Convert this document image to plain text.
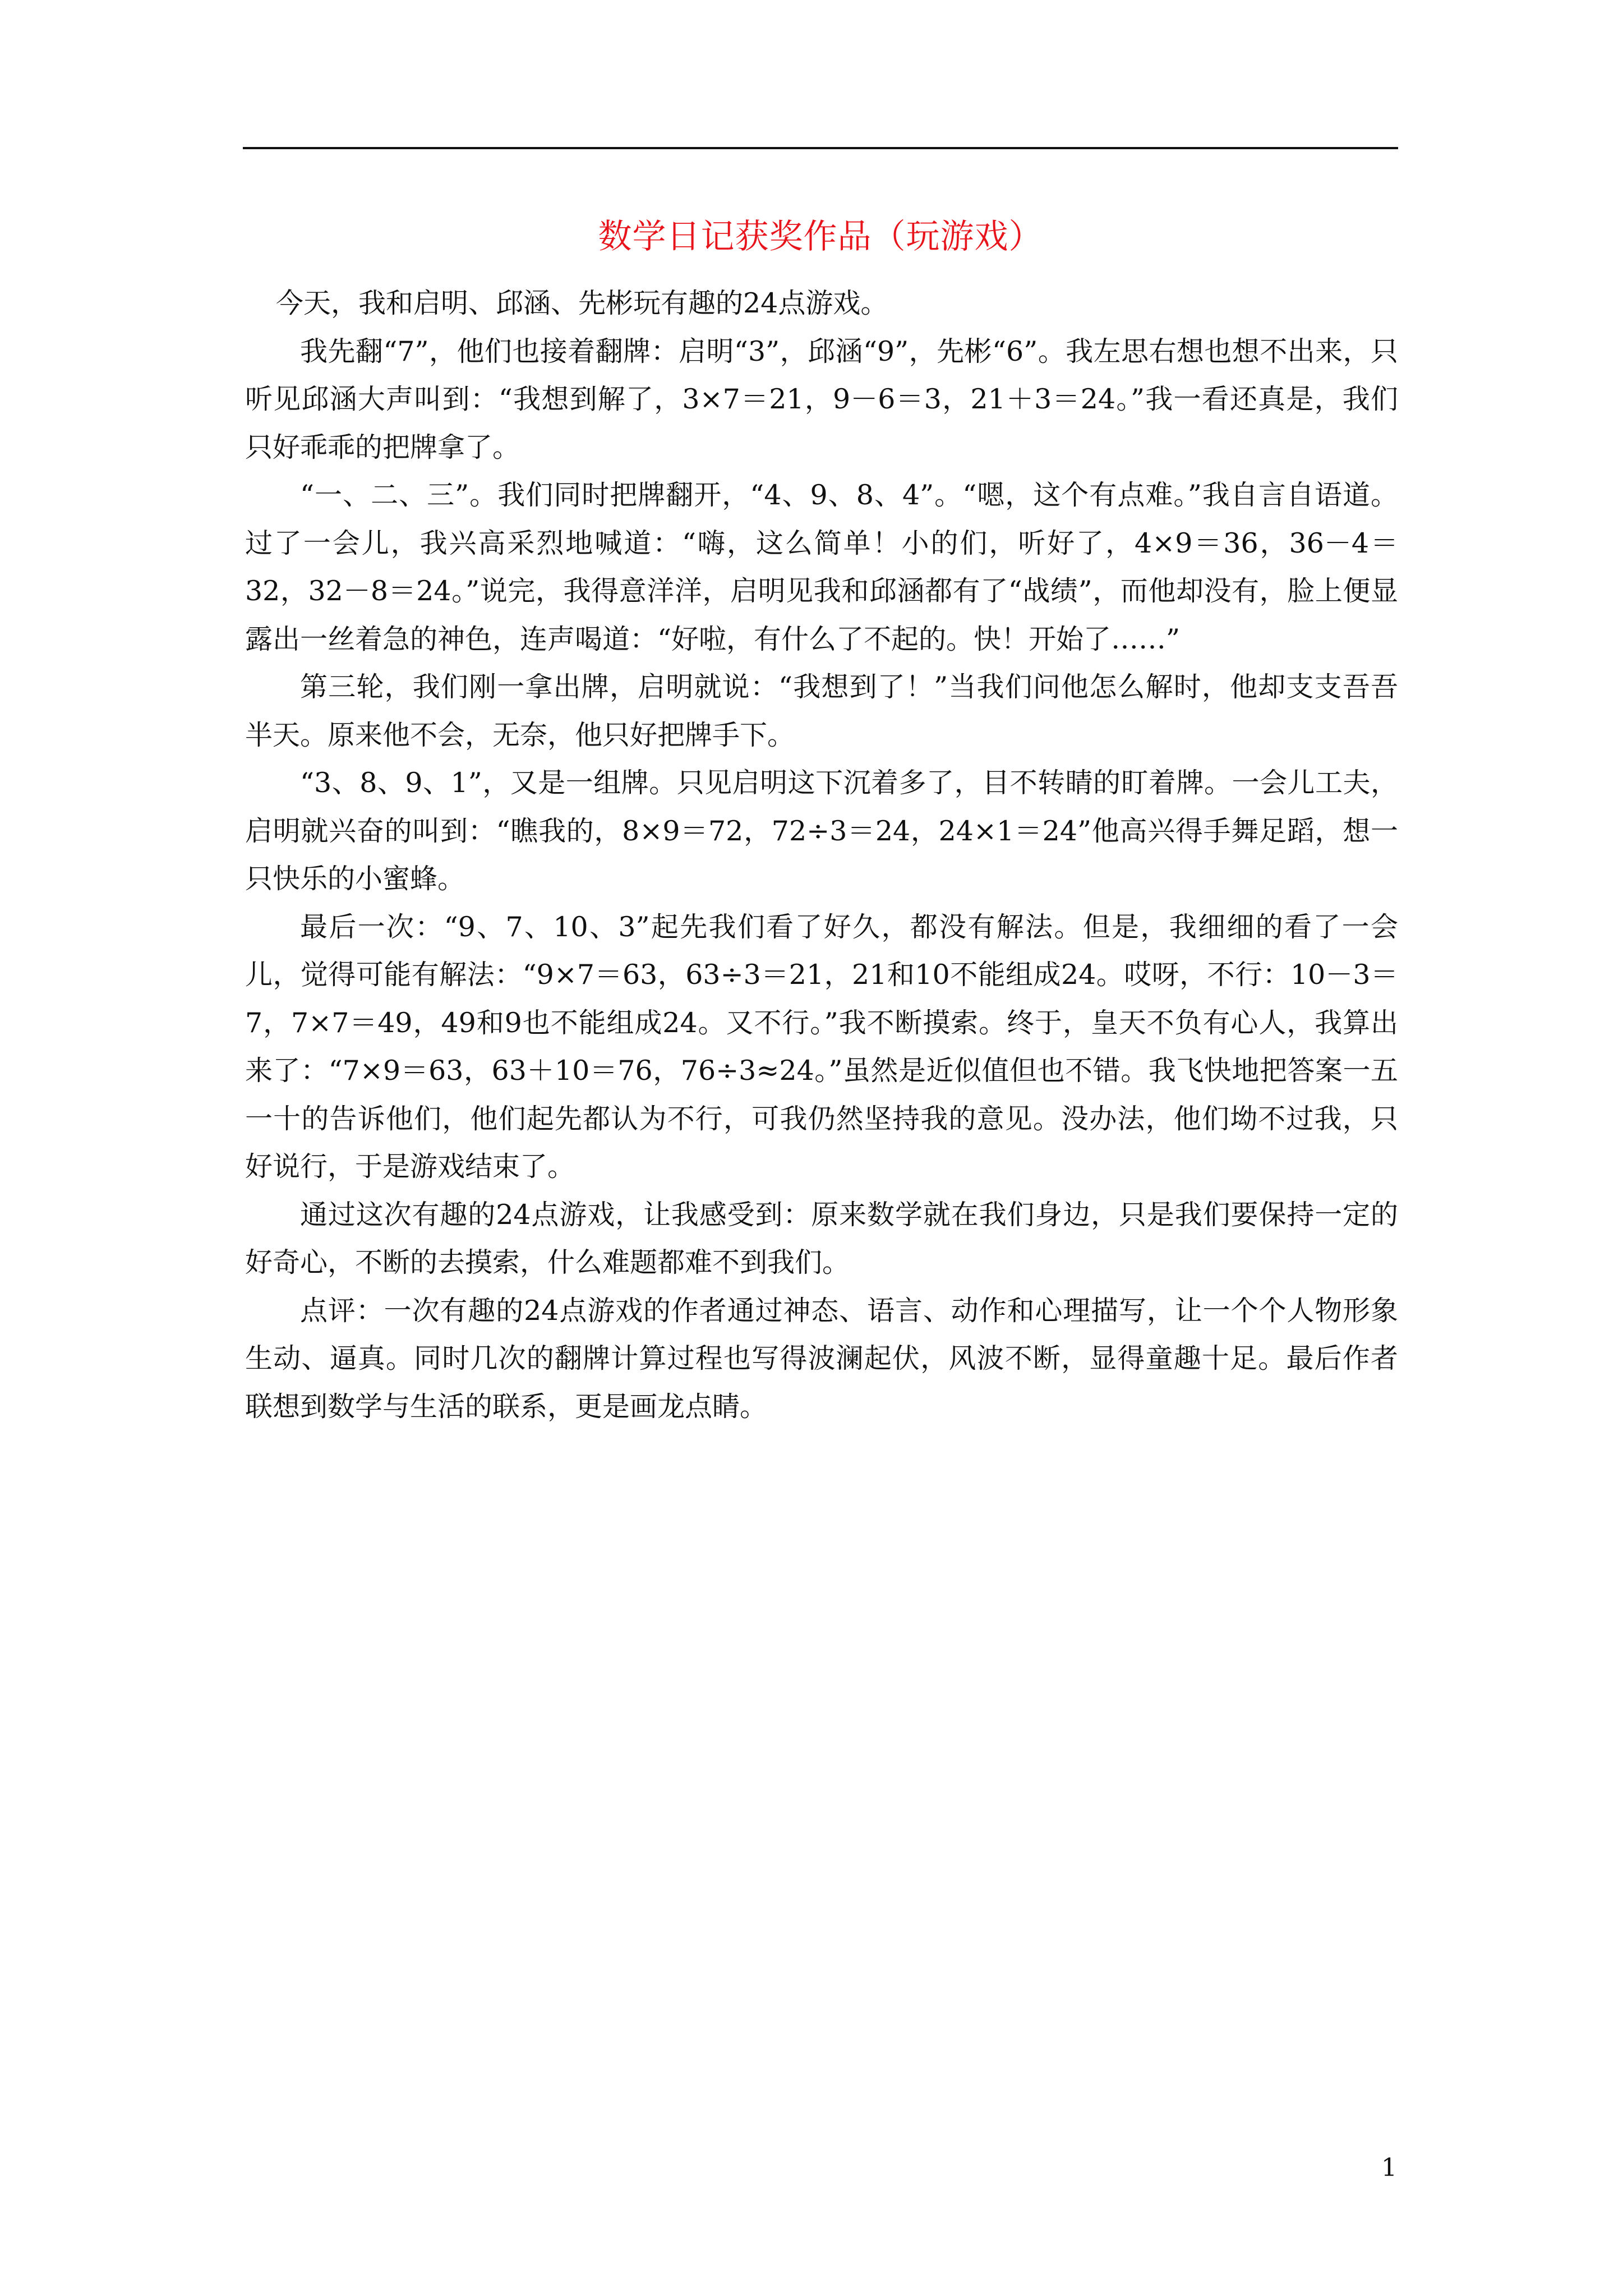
数学日记获奖作品（玩游戏）

今天，我和启明、邱涵、先彬玩有趣的24点游戏。

我先翻“7”，他们也接着翻牌：启明“3”，邱涵“9”，先彬“6”。我左思右想也想不出来，只听见邱涵大声叫到：“我想到解了，3×7＝21，9－6＝3，21＋3＝24。”我一看还真是，我们只好乖乖的把牌拿了。

“一、二、三”。我们同时把牌翻开，“4、9、8、4”。“嗯，这个有点难。”我自言自语道。过了一会儿，我兴高采烈地喊道：“嗨，这么简单！小的们，听好了，4×9＝36，36－4＝32，32－8＝24。”说完，我得意洋洋，启明见我和邱涵都有了“战绩”，而他却没有，脸上便显露出一丝着急的神色，连声喝道：“好啦，有什么了不起的。快！开始了……”

第三轮，我们刚一拿出牌，启明就说：“我想到了！”当我们问他怎么解时，他却支支吾吾半天。原来他不会，无奈，他只好把牌手下。

“3、8、9、1”，又是一组牌。只见启明这下沉着多了，目不转睛的盯着牌。一会儿工夫，启明就兴奋的叫到：“瞧我的，8×9＝72，72÷3＝24，24×1＝24”他高兴得手舞足蹈，想一只快乐的小蜜蜂。

最后一次：“9、7、10、3”起先我们看了好久，都没有解法。但是，我细细的看了一会儿，觉得可能有解法：“9×7＝63，63÷3＝21，21和10不能组成24。哎呀，不行：10－3＝7，7×7＝49，49和9也不能组成24。又不行。”我不断摸索。终于，皇天不负有心人，我算出来了：“7×9＝63，63＋10＝76，76÷3≈24。”虽然是近似值但也不错。我飞快地把答案一五一十的告诉他们，他们起先都认为不行，可我仍然坚持我的意见。没办法，他们坳不过我，只好说行，于是游戏结束了。

通过这次有趣的24点游戏，让我感受到：原来数学就在我们身边，只是我们要保持一定的好奇心，不断的去摸索，什么难题都难不到我们。

点评：一次有趣的24点游戏的作者通过神态、语言、动作和心理描写，让一个个人物形象生动、逼真。同时几次的翻牌计算过程也写得波澜起伏，风波不断，显得童趣十足。最后作者联想到数学与生活的联系，更是画龙点睛。

1
